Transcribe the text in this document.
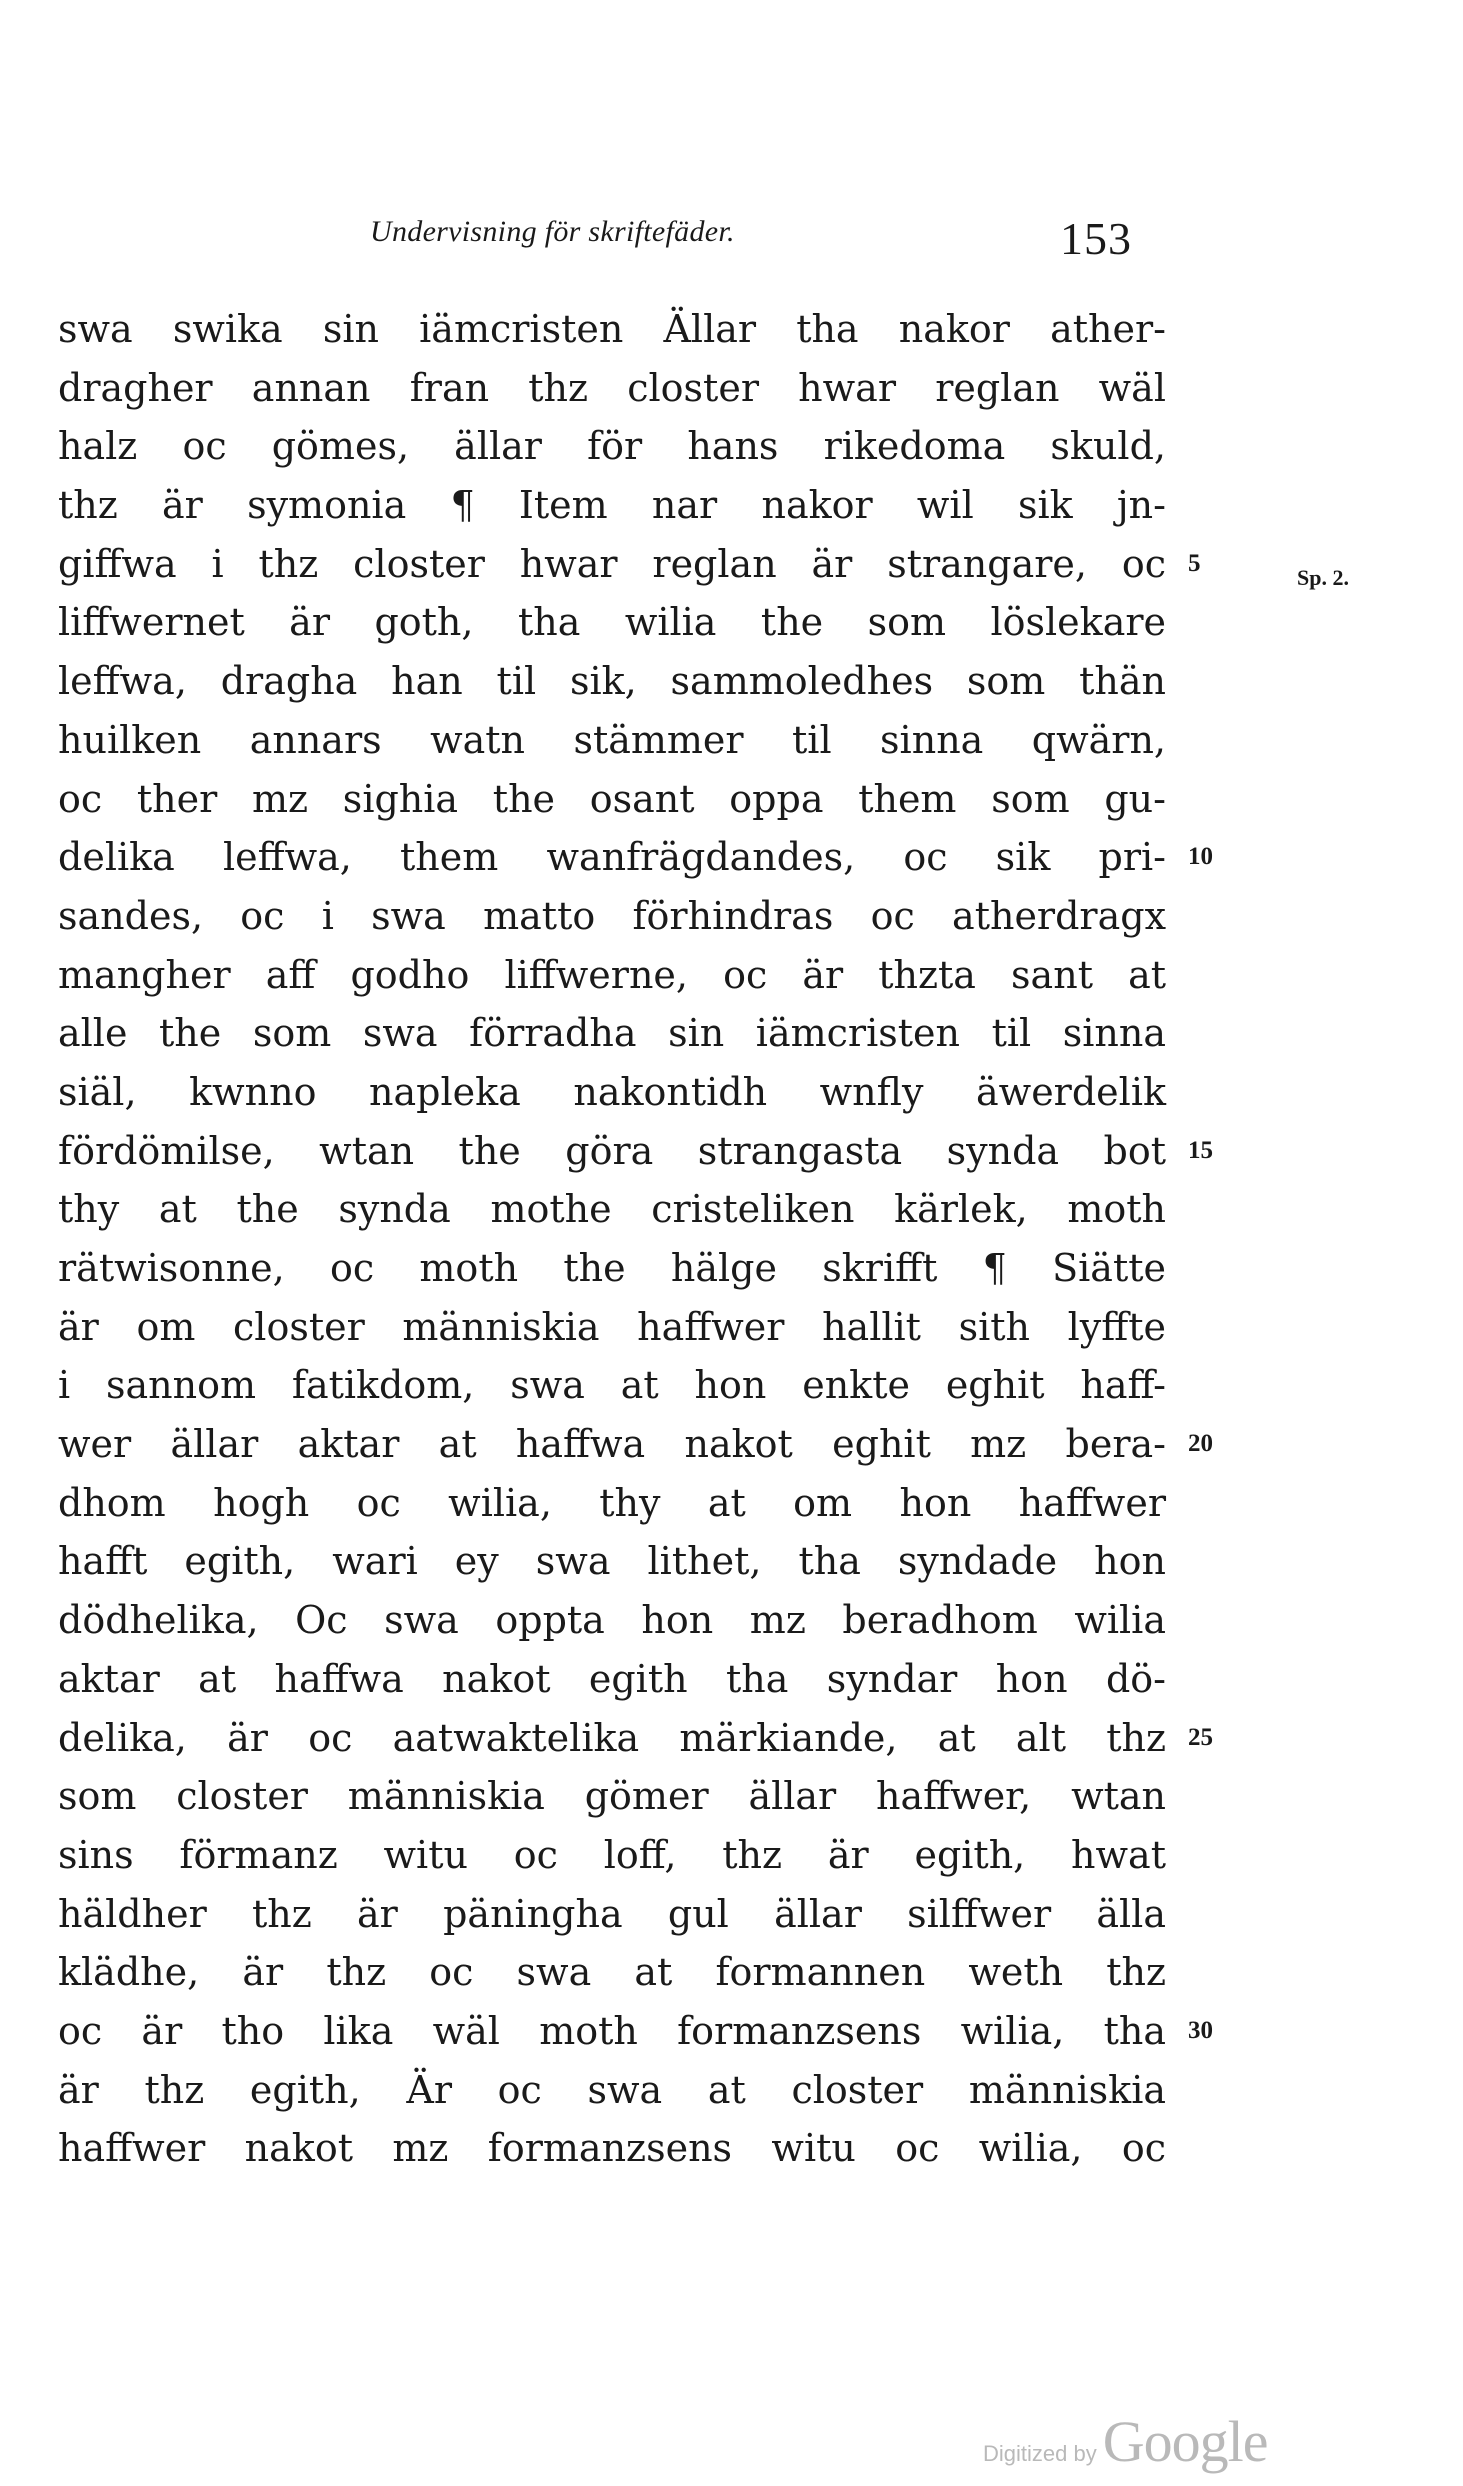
Undervisning för skriftefäder.	153
swa swika sin iämcristen Ällar tha nakor ather-
dragher annan fran thz closter hwar reglan wäl
halz oc gömes, ällar för hans rikedoma skuld,
thz är symonia ¶ Item nar nakor wil sik jn-
giffwa i thz closter hwar reglan är strangare, oc
liffwernet är goth, tha wilia the som löslekare
leffwa, dragha han til sik, sammoledhes som thän
huilken annars watn stämmer til sinna qwärn,
oc ther mz sighia the osant oppa them som gu-
delika leffwa, them wanfrägdandes, oc sik pri-
sandes, oc i swa matto förhindras oc atherdragx
mangher aff godho liffwerne, oc är thzta sant at
alle the som swa förradha sin iämcristen til sinna
siäl, kwnno napleka nakontidh wnfly äwerdelik
fördömilse, wtan the göra strangasta synda bot
thy at the synda mothe cristeliken kärlek, moth
rätwisonne, oc moth the hälge skrifft ¶ Siätte
är om closter människia haffwer hallit sith lyffte
i sannom fatikdom, swa at hon enkte eghit haff-
wer ällar aktar at haffwa nakot eghit mz bera-
dhom hogh oc wilia, thy at om hon haffwer
hafft egith, wari ey swa lithet, tha syndade hon
dödhelika, Oc swa oppta hon mz beradhom wilia
aktar at haffwa nakot egith tha syndar hon dö-
delika, är oc aatwaktelika märkiande, at alt thz
som closter människia gömer ällar haffwer, wtan
sins förmanz witu oc loff, thz är egith, hwat
häldher thz är päningha gul ällar silffwer älla
klädhe, är thz oc swa at formannen weth thz
oc är tho lika wäl moth formanzsens wilia, tha
är thz egith, Är oc swa at closter människia
haffwer nakot mz formanzsens witu oc wilia, oc
5
10
15
20
25
30
Sp. 2.
Digitized by Google
